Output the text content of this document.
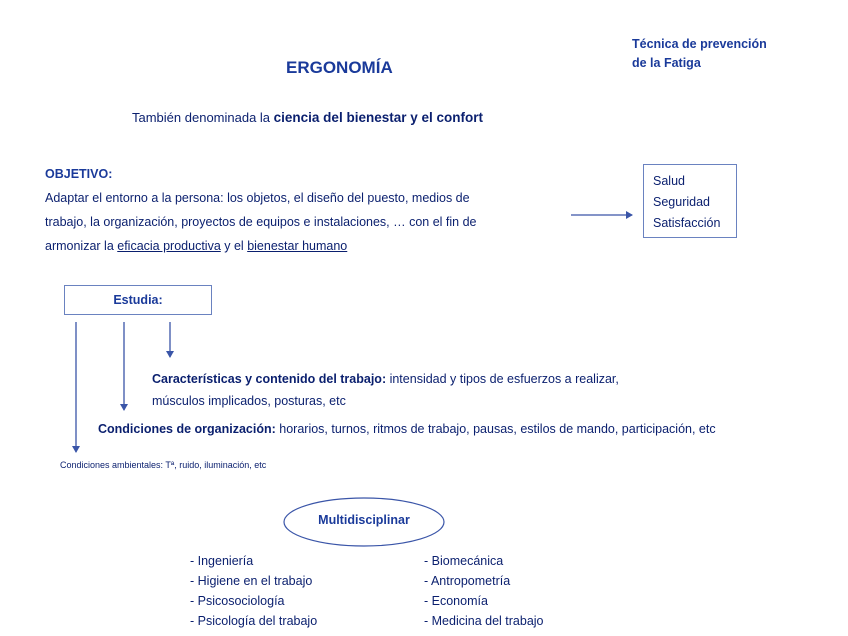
ERGONOMÍA
Técnica de prevención
de la Fatiga
También denominada la ciencia del bienestar y el confort
OBJETIVO:
Adaptar el entorno a la persona: los objetos, el diseño del puesto, medios de
trabajo, la organización, proyectos de equipos e instalaciones, … con el fin de
armonizar la eficacia productiva y el bienestar humano
Salud
Seguridad
Satisfacción
Estudia:
Características y contenido del trabajo: intensidad y tipos de esfuerzos a realizar,
músculos implicados, posturas, etc
Condiciones de organización: horarios, turnos, ritmos de trabajo, pausas, estilos de mando, participación, etc
Condiciones ambientales: Tª, ruido, iluminación, etc
Multidisciplinar
- Ingeniería
- Higiene en el trabajo
- Psicosociología
- Psicología del trabajo
- Biomecánica
- Antropometría
- Economía
- Medicina del trabajo
